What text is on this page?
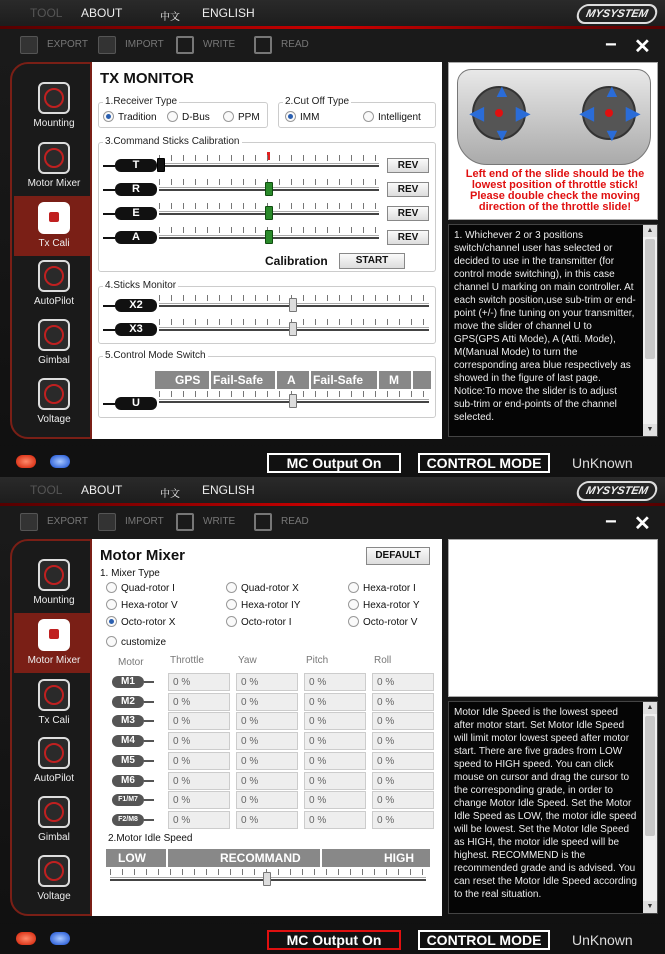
TOOL ABOUT	中文 ENGLISH	MYSYSTEM
EXPORT	IMPORT	WRITE	READ	− ✕
Mounting
Motor Mixer
Tx Cali
AutoPilot
Gimbal
Voltage
TX MONITOR
1.Receiver Type
Tradition	D-Bus	PPM
2.Cut Off Type
IMM	Intelligent
3.Command Sticks Calibration
T	REV
R	REV
E	REV
A	REV
Calibration	START
4.Sticks Monitor
X2
X3
5.Control Mode Switch
GPS Fail-Safe A Fail-Safe M
U
▲
▼
◀ ▶
▲
▼
◀ ▶
Left end of the slide should be the lowest position of throttle stick! Please double check the moving direction of the throttle slide!
1. Whichever 2 or 3 positions switch/channel user has selected or decided to use in the transmitter (for control mode switching), in this case channel U marking on main controller. At each switch position,use sub-trim or end-point (+/-) fine tuning on your transmitter, move the slider of channel U to GPS(GPS Atti Mode), A (Atti. Mode), M(Manual Mode) to turn the corresponding area blue respectively as showed in the figure of last page. Notice:To move the slider is to adjust sub-trim or end-points of the channel selected.
▲
▼
MC Output On	CONTROL MODE	UnKnown
TOOL ABOUT	中文 ENGLISH	MYSYSTEM
EXPORT	IMPORT	WRITE	READ	− ✕
Mounting
Motor Mixer
Tx Cali
AutoPilot
Gimbal
Voltage
Motor Mixer	DEFAULT
1. Mixer Type
Quad-rotor I	Quad-rotor X	Hexa-rotor I
Hexa-rotor V	Hexa-rotor IY	Hexa-rotor Y
Octo-rotor X	Octo-rotor I	Octo-rotor V
customize
Motor	Throttle	Yaw	Pitch	Roll
M1	0 %	0 %	0 %	0 %
M2	0 %	0 %	0 %	0 %
M3	0 %	0 %	0 %	0 %
M4	0 %	0 %	0 %	0 %
M5	0 %	0 %	0 %	0 %
M6	0 %	0 %	0 %	0 %
F1/M7	0 %	0 %	0 %	0 %
F2/M8	0 %	0 %	0 %	0 %
2.Motor Idle Speed
LOW	RECOMMAND	HIGH
Motor Idle Speed is the lowest speed after motor start. Set Motor Idle Speed will limit motor lowest speed after motor start. There are five grades from LOW speed to HIGH speed. You can click mouse on cursor and drag the cursor to the corresponding grade, in order to change Motor Idle Speed. Set the Motor Idle Speed as LOW, the motor idle speed will be lowest. Set the Motor Idle Speed as HIGH, the motor idle speed will be highest. RECOMMEND is the recommended grade and is advised. You can reset the Motor Idle Speed according to the real situation.
▲
▼
MC Output On	CONTROL MODE	UnKnown
